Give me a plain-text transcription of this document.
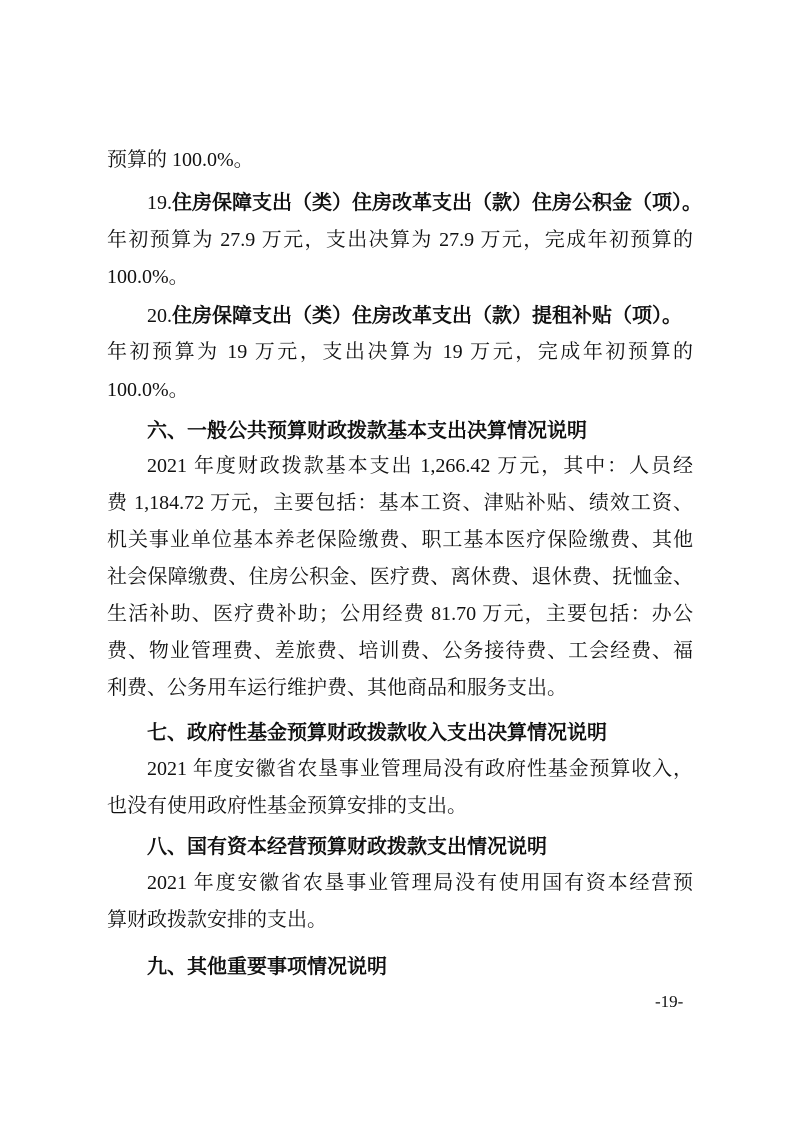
预算的 100.0%。
19.住房保障支出（类）住房改革支出（款）住房公积金（项）。
年初预算为 27.9 万元，支出决算为 27.9 万元，完成年初预算的
100.0%。
20.住房保障支出（类）住房改革支出（款）提租补贴（项）。
年初预算为 19 万元，支出决算为 19 万元，完成年初预算的
100.0%。
六、一般公共预算财政拨款基本支出决算情况说明
2021 年度财政拨款基本支出 1,266.42 万元，其中：人员经
费 1,184.72 万元，主要包括：基本工资、津贴补贴、绩效工资、
机关事业单位基本养老保险缴费、职工基本医疗保险缴费、其他
社会保障缴费、住房公积金、医疗费、离休费、退休费、抚恤金、
生活补助、医疗费补助；公用经费 81.70 万元，主要包括：办公
费、物业管理费、差旅费、培训费、公务接待费、工会经费、福
利费、公务用车运行维护费、其他商品和服务支出。
七、政府性基金预算财政拨款收入支出决算情况说明
2021 年度安徽省农垦事业管理局没有政府性基金预算收入，
也没有使用政府性基金预算安排的支出。
八、国有资本经营预算财政拨款支出情况说明
2021 年度安徽省农垦事业管理局没有使用国有资本经营预
算财政拨款安排的支出。
九、其他重要事项情况说明
-19-
